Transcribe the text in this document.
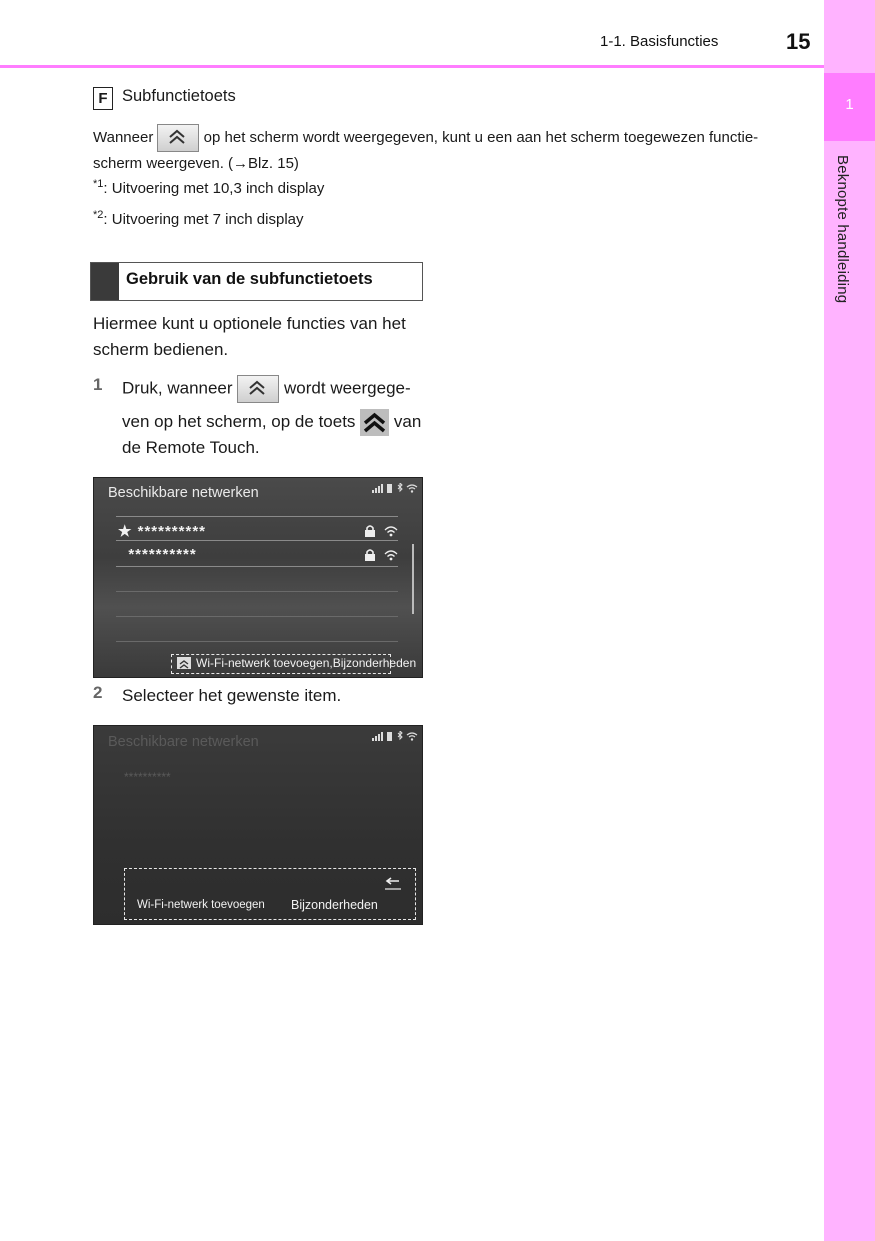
1
Beknopte handleiding
1-1. Basisfuncties	15
F Subfunctietoets
Wanneer	op het scherm wordt weergegeven, kunt u een aan het scherm toegewezen functie-scherm weergeven. (→Blz. 15)
$^{*1}$: Uitvoering met 10,3 inch display
$^{*2}$: Uitvoering met 7 inch display
Gebruik van de subfunctietoets
Hiermee kunt u optionele functies van het scherm bedienen.
1 Druk, wanneer	wordt weergege-
ven op het scherm, op de toets van
de Remote Touch.
Beschikbare netwerken
★ **********
**********
Wi-Fi-netwerk toevoegen,Bijzonderheden
2 Selecteer het gewenste item.
Beschikbare netwerken
**********
Wi-Fi-netwerk toevoegen Bijzonderheden
